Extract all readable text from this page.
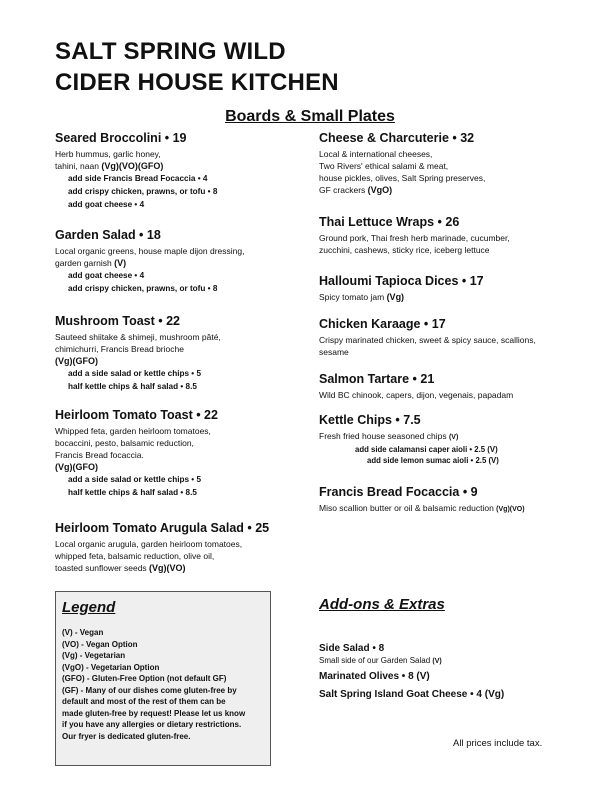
SALT SPRING WILD
CIDER HOUSE KITCHEN
Boards & Small Plates
Seared Broccolini • 19
Herb hummus, garlic honey,
tahini, naan (Vg)(VO)(GFO)
add side Francis Bread Focaccia • 4
add crispy chicken, prawns, or tofu • 8
add goat cheese • 4
Garden Salad • 18
Local organic greens, house maple dijon dressing,
garden garnish (V)
add goat cheese • 4
add crispy chicken, prawns, or tofu • 8
Mushroom Toast • 22
Sauteed shiitake & shimeji, mushroom pâté,
chimichurri, Francis Bread brioche
(Vg)(GFO)
add a side salad or kettle chips • 5
half kettle chips & half salad • 8.5
Heirloom Tomato Toast • 22
Whipped feta, garden heirloom tomatoes,
bocaccini, pesto, balsamic reduction,
Francis Bread focaccia.
(Vg)(GFO)
add a side salad or kettle chips • 5
half kettle chips & half salad • 8.5
Heirloom Tomato Arugula Salad • 25
Local organic arugula, garden heirloom tomatoes,
whipped feta, balsamic reduction, olive oil,
toasted sunflower seeds (Vg)(VO)
Cheese & Charcuterie • 32
Local & international cheeses,
Two Rivers' ethical salami & meat,
house pickles, olives, Salt Spring preserves,
GF crackers (VgO)
Thai Lettuce Wraps • 26
Ground pork, Thai fresh herb marinade, cucumber,
zucchini, cashews, sticky rice, iceberg lettuce
Halloumi Tapioca Dices • 17
Spicy tomato jam (Vg)
Chicken Karaage • 17
Crispy marinated chicken, sweet & spicy sauce, scallions,
sesame
Salmon Tartare • 21
Wild BC chinook, capers, dijon, vegenais, papadam
Kettle Chips • 7.5
Fresh fried house seasoned chips (V)
add side calamansi caper aioli • 2.5 (V)
add side lemon sumac aioli • 2.5 (V)
Francis Bread Focaccia • 9
Miso scallion butter or oil & balsamic reduction (Vg)(VO)
Legend
(V) - Vegan
(VO) - Vegan Option
(Vg) - Vegetarian
(VgO) - Vegetarian Option
(GFO) - Gluten-Free Option (not default GF)
(GF) - Many of our dishes come gluten-free by
default and most of the rest of them can be
made gluten-free by request! Please let us know
if you have any allergies or dietary restrictions.
Our fryer is dedicated gluten-free.
Add-ons & Extras
Side Salad • 8
Small side of our Garden Salad (V)
Marinated Olives • 8 (V)
Salt Spring Island Goat Cheese • 4 (Vg)
All prices include tax.
